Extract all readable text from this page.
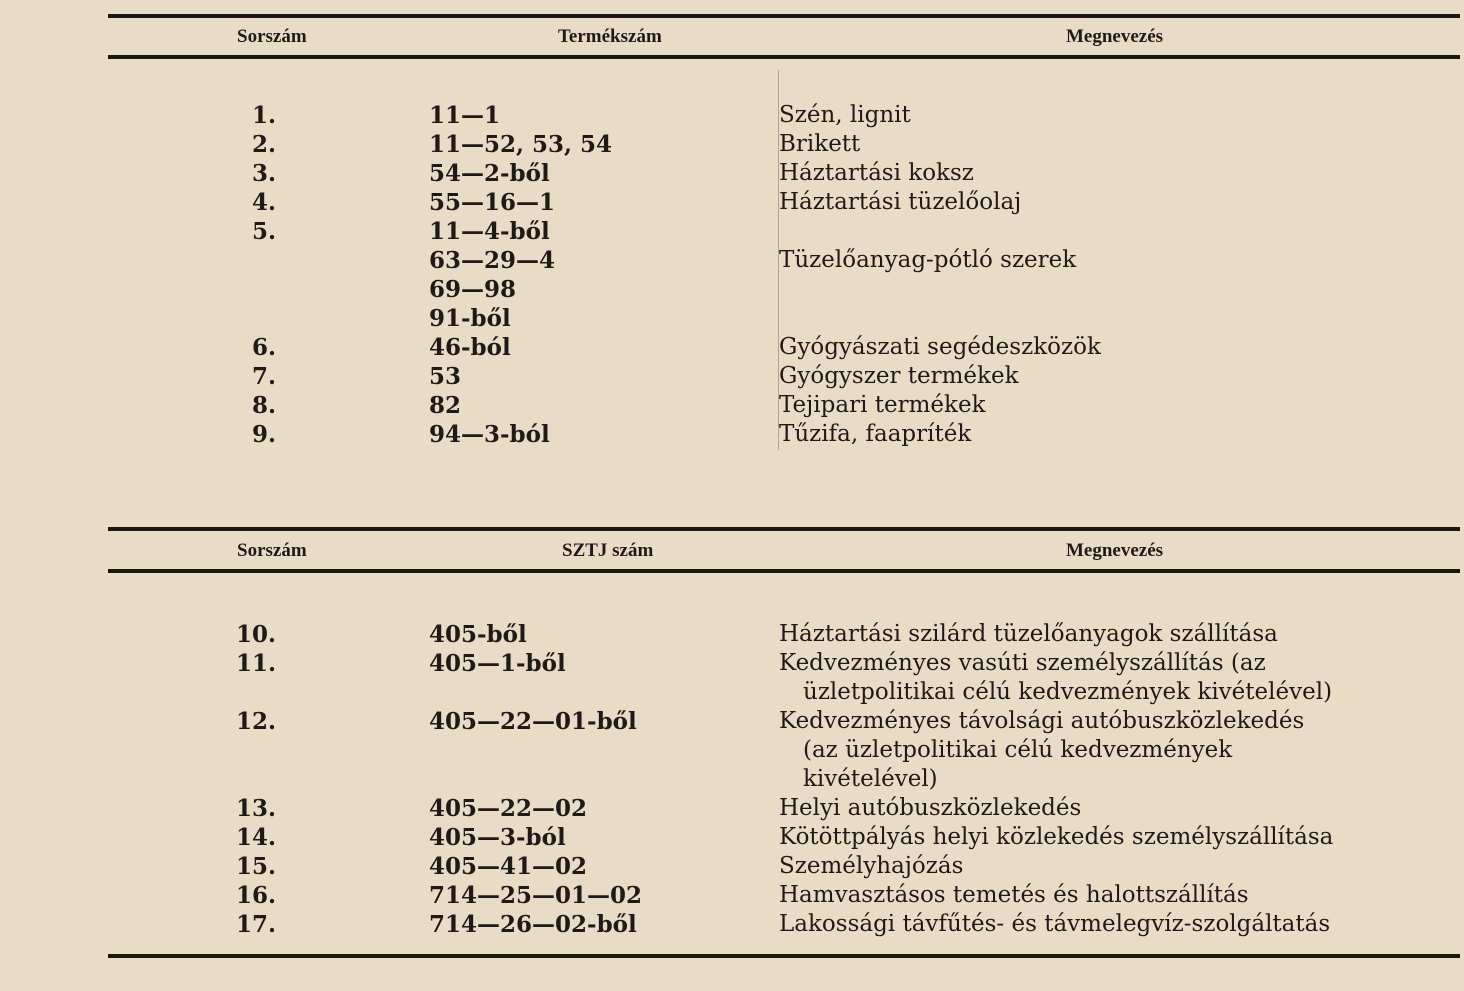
Sorszám	Termékszám	Megnevezés
1.		11—1	Szén, lignit
2.		11—52, 53, 54	Brikett
3.		54—2-ből	Háztartási koksz
4.		55—16—1	Háztartási tüzelőolaj
5.		11—4-ből	
		63—29—4	Tüzelőanyag-pótló szerek
		69—98	
		91-ből	
6.		46-ból	Gyógyászati segédeszközök
7.		53	Gyógyszer termékek
8.		82	Tejipari termékek
9.		94—3-ból	Tűzifa, faapríték
Sorszám	SZTJ szám	Megnevezés
10.		405-ből	Háztartási szilárd tüzelőanyagok szállítása
11.		405—1-ből	Kedvezményes vasúti személyszállítás (az
			üzletpolitikai célú kedvezmények kivételével)
12.		405—22—01-ből	Kedvezményes távolsági autóbuszközlekedés
			(az üzletpolitikai célú kedvezmények
			kivételével)
13.		405—22—02	Helyi autóbuszközlekedés
14.		405—3-ból	Kötöttpályás helyi közlekedés személyszállítása
15.		405—41—02	Személyhajózás
16.		714—25—01—02	Hamvasztásos temetés és halottszállítás
17.		714—26—02-ből	Lakossági távfűtés- és távmelegvíz-szolgáltatás
